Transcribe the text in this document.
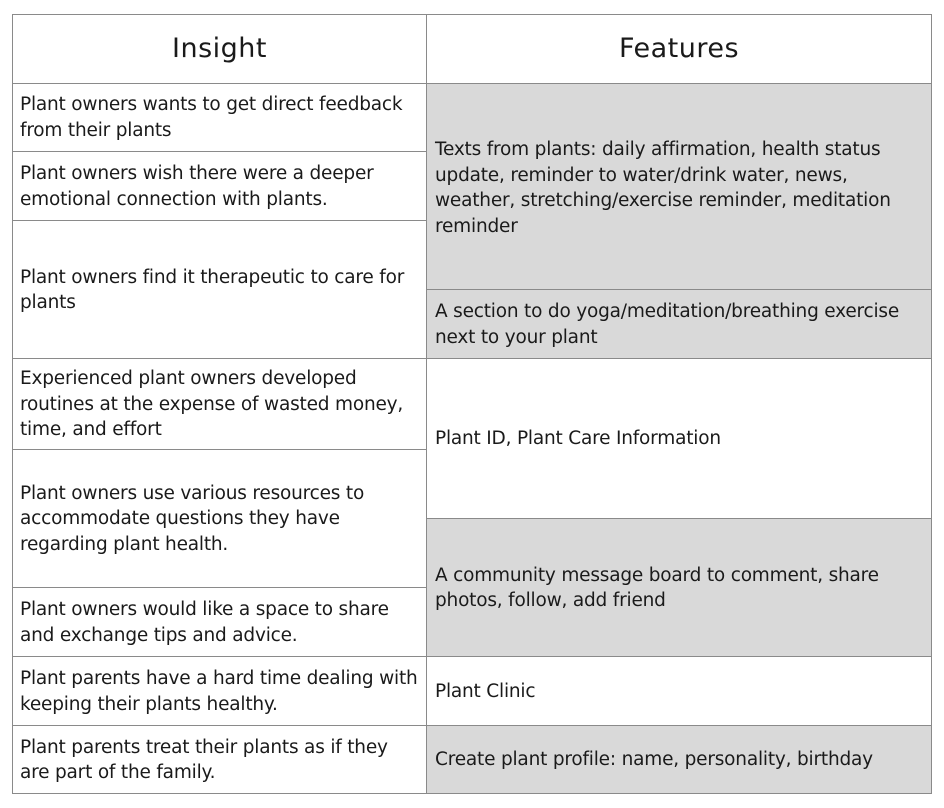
Insight	Features
Plant owners wants to get direct feedback from their plants
Plant owners wish there were a deeper emotional connection with plants.
Plant owners find it therapeutic to care for plants
Experienced plant owners developed routines at the expense of wasted money, time, and effort
Plant owners use various resources to accommodate questions they have regarding plant health.
Plant owners would like a space to share and exchange tips and advice.
Plant parents have a hard time dealing with keeping their plants healthy.
Plant parents treat their plants as if they are part of the family.
Texts from plants: daily affirmation, health status update, reminder to water/drink water, news, weather, stretching/exercise reminder, meditation reminder
A section to do yoga/meditation/breathing exercise next to your plant
Plant ID, Plant Care Information
A community message board to comment, share photos, follow, add friend
Plant Clinic
Create plant profile: name, personality, birthday
